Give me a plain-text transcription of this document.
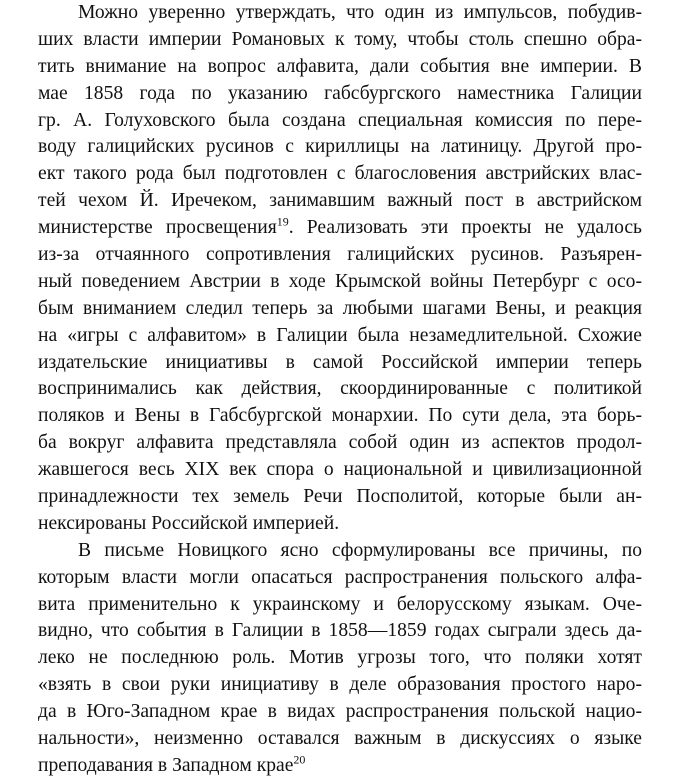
Можно уверенно утверждать, что один из импульсов, побудив-
ших власти империи Романовых к тому, чтобы столь спешно обра-
тить внимание на вопрос алфавита, дали события вне империи. В
мае 1858 года по указанию габсбургского наместника Галиции
гр. А. Голуховского была создана специальная комиссия по пере-
воду галицийских русинов с кириллицы на латиницу. Другой про-
ект такого рода был подготовлен с благословения австрийских влас-
тей чехом Й. Иречеком, занимавшим важный пост в австрийском
министерстве просвещения$^{19}$. Реализовать эти проекты не удалось
из-за отчаянного сопротивления галицийских русинов. Разъярен-
ный поведением Австрии в ходе Крымской войны Петербург с осо-
бым вниманием следил теперь за любыми шагами Вены, и реакция
на «игры с алфавитом» в Галиции была незамедлительной. Схожие
издательские инициативы в самой Российской империи теперь
воспринимались как действия, скоординированные с политикой
поляков и Вены в Габсбургской монархии. По сути дела, эта борь-
ба вокруг алфавита представляла собой один из аспектов продол-
жавшегося весь XIX век спора о национальной и цивилизационной
принадлежности тех земель Речи Посполитой, которые были ан-
нексированы Российской империей.
В письме Новицкого ясно сформулированы все причины, по
которым власти могли опасаться распространения польского алфа-
вита применительно к украинскому и белорусскому языкам. Оче-
видно, что события в Галиции в 1858—1859 годах сыграли здесь да-
леко не последнюю роль. Мотив угрозы того, что поляки хотят
«взять в свои руки инициативу в деле образования простого наро-
да в Юго-Западном крае в видах распространения польской нацио-
нальности», неизменно оставался важным в дискуссиях о языке
преподавания в Западном крае$^{20}$
